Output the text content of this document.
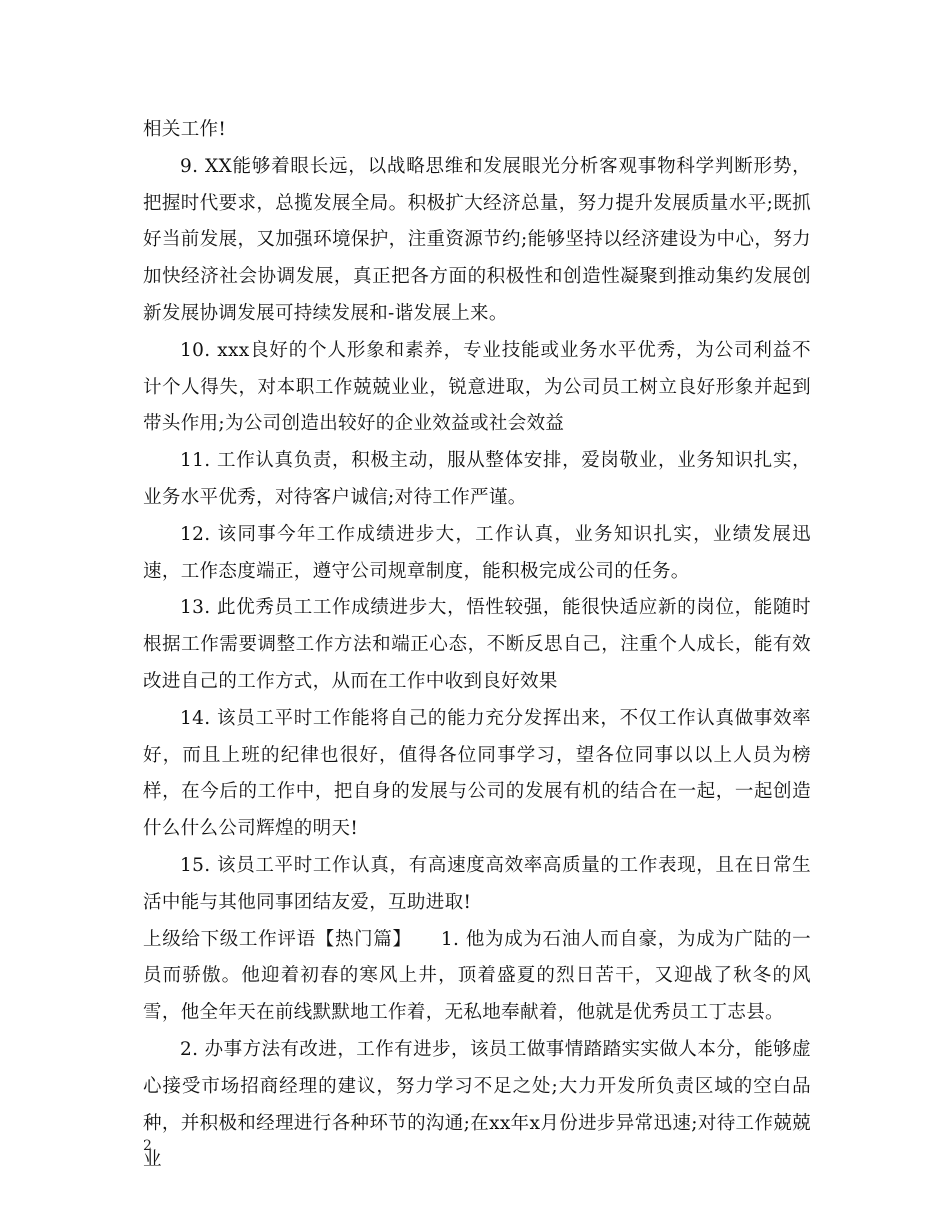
相关工作!

9. XX能够着眼长远，以战略思维和发展眼光分析客观事物科学判断形势，把握时代要求，总揽发展全局。积极扩大经济总量，努力提升发展质量水平;既抓好当前发展，又加强环境保护，注重资源节约;能够坚持以经济建设为中心，努力加快经济社会协调发展，真正把各方面的积极性和创造性凝聚到推动集约发展创新发展协调发展可持续发展和-谐发展上来。

10. xxx良好的个人形象和素养，专业技能或业务水平优秀，为公司利益不计个人得失，对本职工作兢兢业业，锐意进取，为公司员工树立良好形象并起到带头作用;为公司创造出较好的企业效益或社会效益

11. 工作认真负责，积极主动，服从整体安排，爱岗敬业，业务知识扎实，业务水平优秀，对待客户诚信;对待工作严谨。

12. 该同事今年工作成绩进步大，工作认真，业务知识扎实，业绩发展迅速，工作态度端正，遵守公司规章制度，能积极完成公司的任务。

13. 此优秀员工工作成绩进步大，悟性较强，能很快适应新的岗位，能随时根据工作需要调整工作方法和端正心态，不断反思自己，注重个人成长，能有效改进自己的工作方式，从而在工作中收到良好效果

14. 该员工平时工作能将自己的能力充分发挥出来，不仅工作认真做事效率好，而且上班的纪律也很好，值得各位同事学习，望各位同事以以上人员为榜样，在今后的工作中，把自身的发展与公司的发展有机的结合在一起，一起创造什么什么公司辉煌的明天!

15. 该员工平时工作认真，有高速度高效率高质量的工作表现，且在日常生活中能与其他同事团结友爱，互助进取!

上级给下级工作评语【热门篇】　　1. 他为成为石油人而自豪，为成为广陆的一员而骄傲。他迎着初春的寒风上井，顶着盛夏的烈日苦干，又迎战了秋冬的风雪，他全年天在前线默默地工作着，无私地奉献着，他就是优秀员工丁志县。

2. 办事方法有改进，工作有进步，该员工做事情踏踏实实做人本分，能够虚心接受市场招商经理的建议，努力学习不足之处;大力开发所负责区域的空白品种，并积极和经理进行各种环节的沟通;在xx年x月份进步异常迅速;对待工作兢兢业

2
